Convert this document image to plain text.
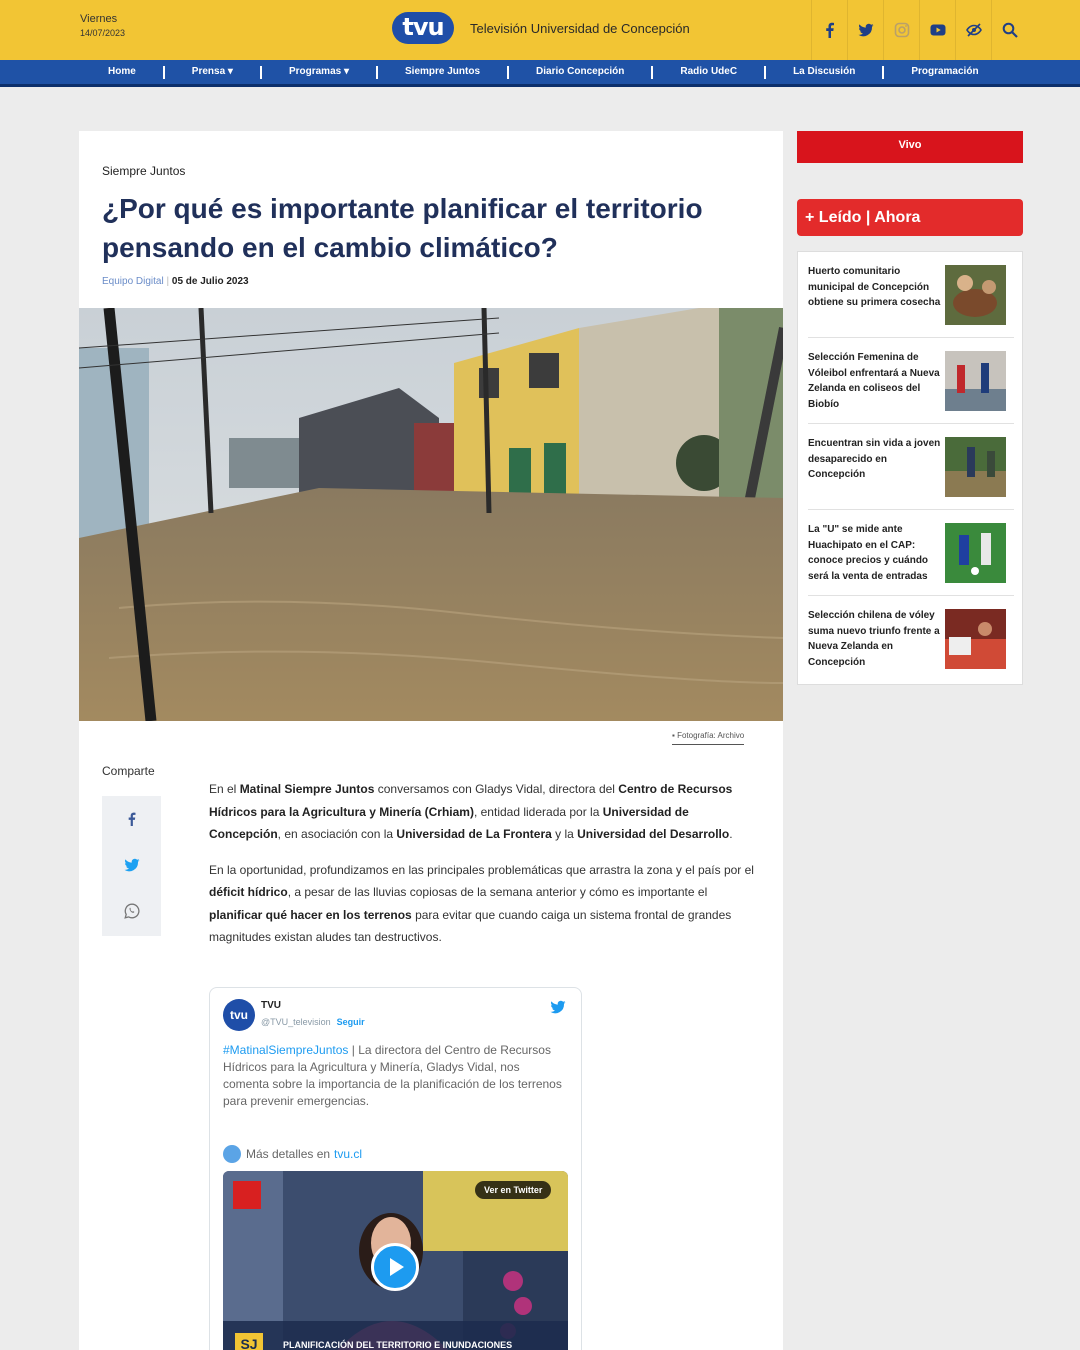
Viernes
14/07/2023	tvu	Televisión Universidad de Concepción
Home	Prensa ▾	Programas ▾	Siempre Juntos	Diario Concepción	Radio UdeC	La Discusión	Programación
Siempre Juntos
¿Por qué es importante planificar el territorio pensando en el cambio climático?
Equipo Digital | 05 de Julio 2023
▪ Fotografía: Archivo
Comparte

En el Matinal Siempre Juntos conversamos con Gladys Vidal, directora del Centro de Recursos Hídricos para la Agricultura y Minería (Crhiam), entidad liderada por la Universidad de Concepción, en asociación con la Universidad de La Frontera y la Universidad del Desarrollo.

En la oportunidad, profundizamos en las principales problemáticas que arrastra la zona y el país por el déficit hídrico, a pesar de las lluvias copiosas de la semana anterior y cómo es importante el planificar qué hacer en los terrenos para evitar que cuando caiga un sistema frontal de grandes magnitudes existan aludes tan destructivos.

tvu
TVU
@TVU_television Seguir
#MatinalSiempreJuntos | La directora del Centro de Recursos Hídricos para la Agricultura y Minería, Gladys Vidal, nos comenta sobre la importancia de la planificación de los terrenos para prevenir emergencias.
Más detalles en tvu.cl
Ver en Twitter
SJ	PLANIFICACIÓN DEL TERRITORIO E INUNDACIONES
Vivo
+ Leído | Ahora
Huerto comunitario municipal de Concepción obtiene su primera cosecha
Selección Femenina de Vóleibol enfrentará a Nueva Zelanda en coliseos del Biobío
Encuentran sin vida a joven desaparecido en Concepción
La "U" se mide ante Huachipato en el CAP: conoce precios y cuándo será la venta de entradas
Selección chilena de vóley suma nuevo triunfo frente a Nueva Zelanda en Concepción
